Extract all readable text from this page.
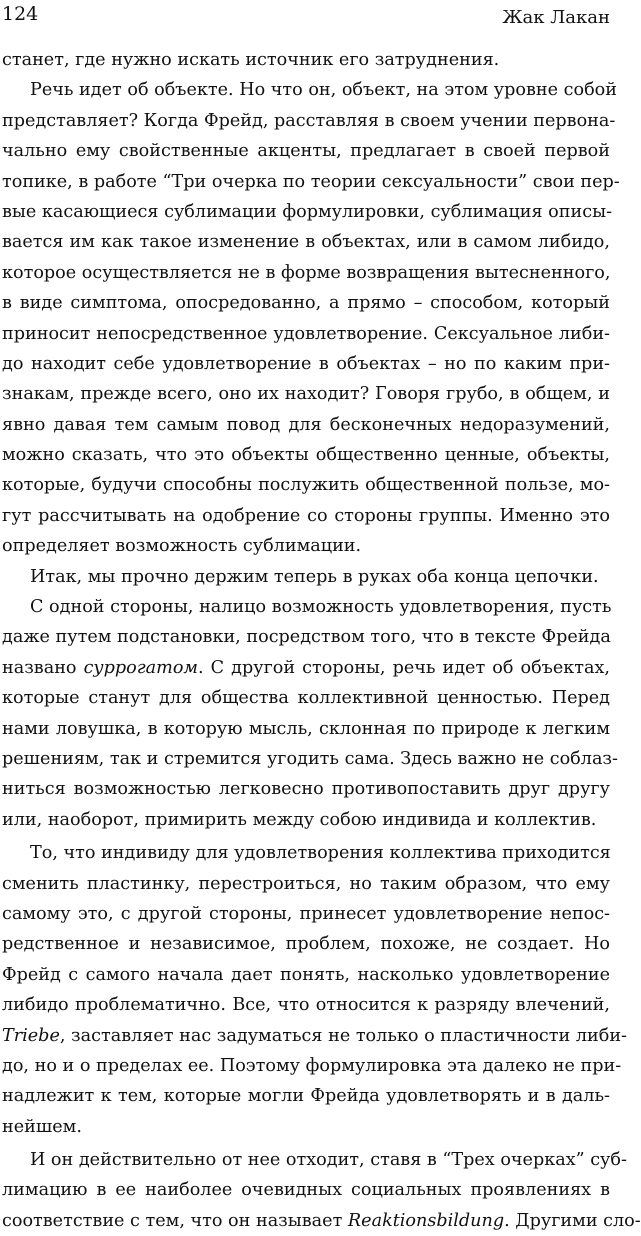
124	Жак Лакан
станет, где нужно искать источник его затруднения.
Речь идет об объекте. Но что он, объект, на этом уровне собой
представляет? Когда Фрейд, расставляя в своем учении первона-
чально ему свойственные акценты, предлагает в своей первой
топике, в работе “Три очерка по теории сексуальности” свои пер-
вые касающиеся сублимации формулировки, сублимация описы-
вается им как такое изменение в объектах, или в самом либидо,
которое осуществляется не в форме возвращения вытесненного,
в виде симптома, опосредованно, а прямо – способом, который
приносит непосредственное удовлетворение. Сексуальное либи-
до находит себе удовлетворение в объектах – но по каким при-
знакам, прежде всего, оно их находит? Говоря грубо, в общем, и
явно давая тем самым повод для бесконечных недоразумений,
можно сказать, что это объекты общественно ценные, объекты,
которые, будучи способны послужить общественной пользе, мо-
гут рассчитывать на одобрение со стороны группы. Именно это
определяет возможность сублимации.
Итак, мы прочно держим теперь в руках оба конца цепочки.
С одной стороны, налицо возможность удовлетворения, пусть
даже путем подстановки, посредством того, что в тексте Фрейда
названо суррогатом. С другой стороны, речь идет об объектах,
которые станут для общества коллективной ценностью. Перед
нами ловушка, в которую мысль, склонная по природе к легким
решениям, так и стремится угодить сама. Здесь важно не соблаз-
ниться возможностью легковесно противопоставить друг другу
или, наоборот, примирить между собою индивида и коллектив.
То, что индивиду для удовлетворения коллектива приходится
сменить пластинку, перестроиться, но таким образом, что ему
самому это, с другой стороны, принесет удовлетворение непос-
редственное и независимое, проблем, похоже, не создает. Но
Фрейд с самого начала дает понять, насколько удовлетворение
либидо проблематично. Все, что относится к разряду влечений,
Triebe, заставляет нас задуматься не только о пластичности либи-
до, но и о пределах ее. Поэтому формулировка эта далеко не при-
надлежит к тем, которые могли Фрейда удовлетворять и в даль-
нейшем.
И он действительно от нее отходит, ставя в “Трех очерках” суб-
лимацию в ее наиболее очевидных социальных проявлениях в
соответствие с тем, что он называет Reaktionsbildung. Другими сло-
